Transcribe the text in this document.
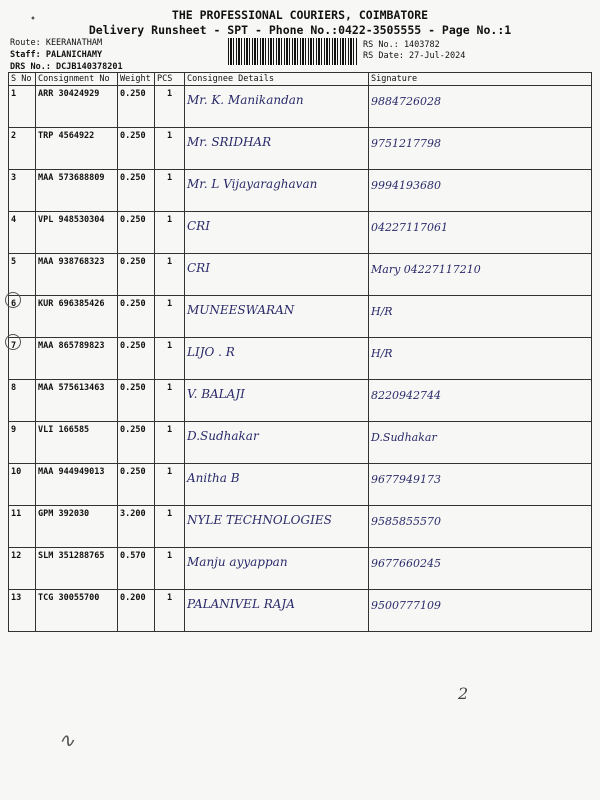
THE PROFESSIONAL COURIERS, COIMBATORE
Delivery Runsheet - SPT - Phone No.:0422-3505555 - Page No.:1
Route: KEERANATHAM
Staff: PALANICHAMY
DRS No.: DCJB140378201
RS No.: 1403782
RS Date: 27-Jul-2024
S No	Consignment No	Weight	PCS	Consignee Details	Signature
1	ARR 30424929	0.250	1	Mr. K. Manikandan	9884726028

2	TRP 4564922	0.250	1	Mr. SRIDHAR	9751217798

3	MAA 573688809	0.250	1	Mr. L Vijayaraghavan	9994193680

4	VPL 948530304	0.250	1	CRI	04227117061

5	MAA 938768323	0.250	1	CRI	Mary 04227117210

6	KUR 696385426	0.250	1	MUNEESWARAN	H/R

7	MAA 865789823	0.250	1	LIJO . R	H/R

8	MAA 575613463	0.250	1	V. BALAJI	8220942744

9	VLI 166585	0.250	1	D.Sudhakar	D.Sudhakar

10	MAA 944949013	0.250	1	Anitha B	9677949173

11	GPM 392030	3.200	1	NYLE TECHNOLOGIES	9585855570

12	SLM 351288765	0.570	1	Manju ayyappan	9677660245

13	TCG 30055700	0.200	1	PALANIVEL RAJA	9500777109
2
∿
•
